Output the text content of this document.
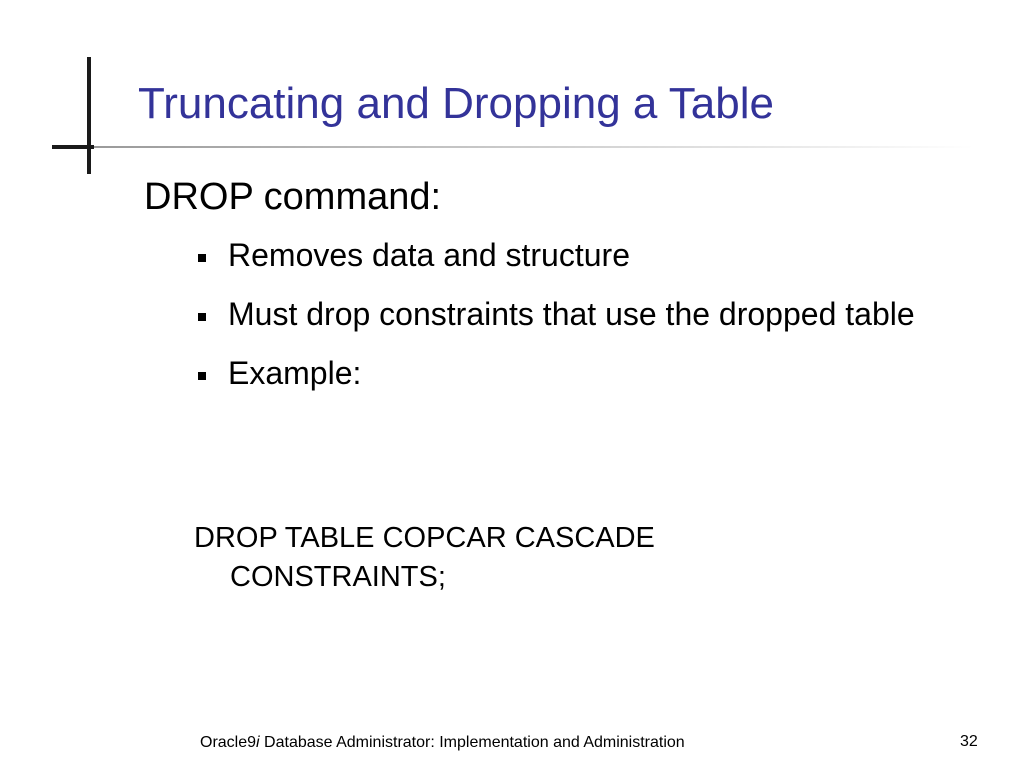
Truncating and Dropping a Table

DROP command:

Removes data and structure
Must drop constraints that use the dropped table
Example:

DROP TABLE COPCAR CASCADE CONSTRAINTS;

Oracle9i Database Administrator: Implementation and Administration	32
